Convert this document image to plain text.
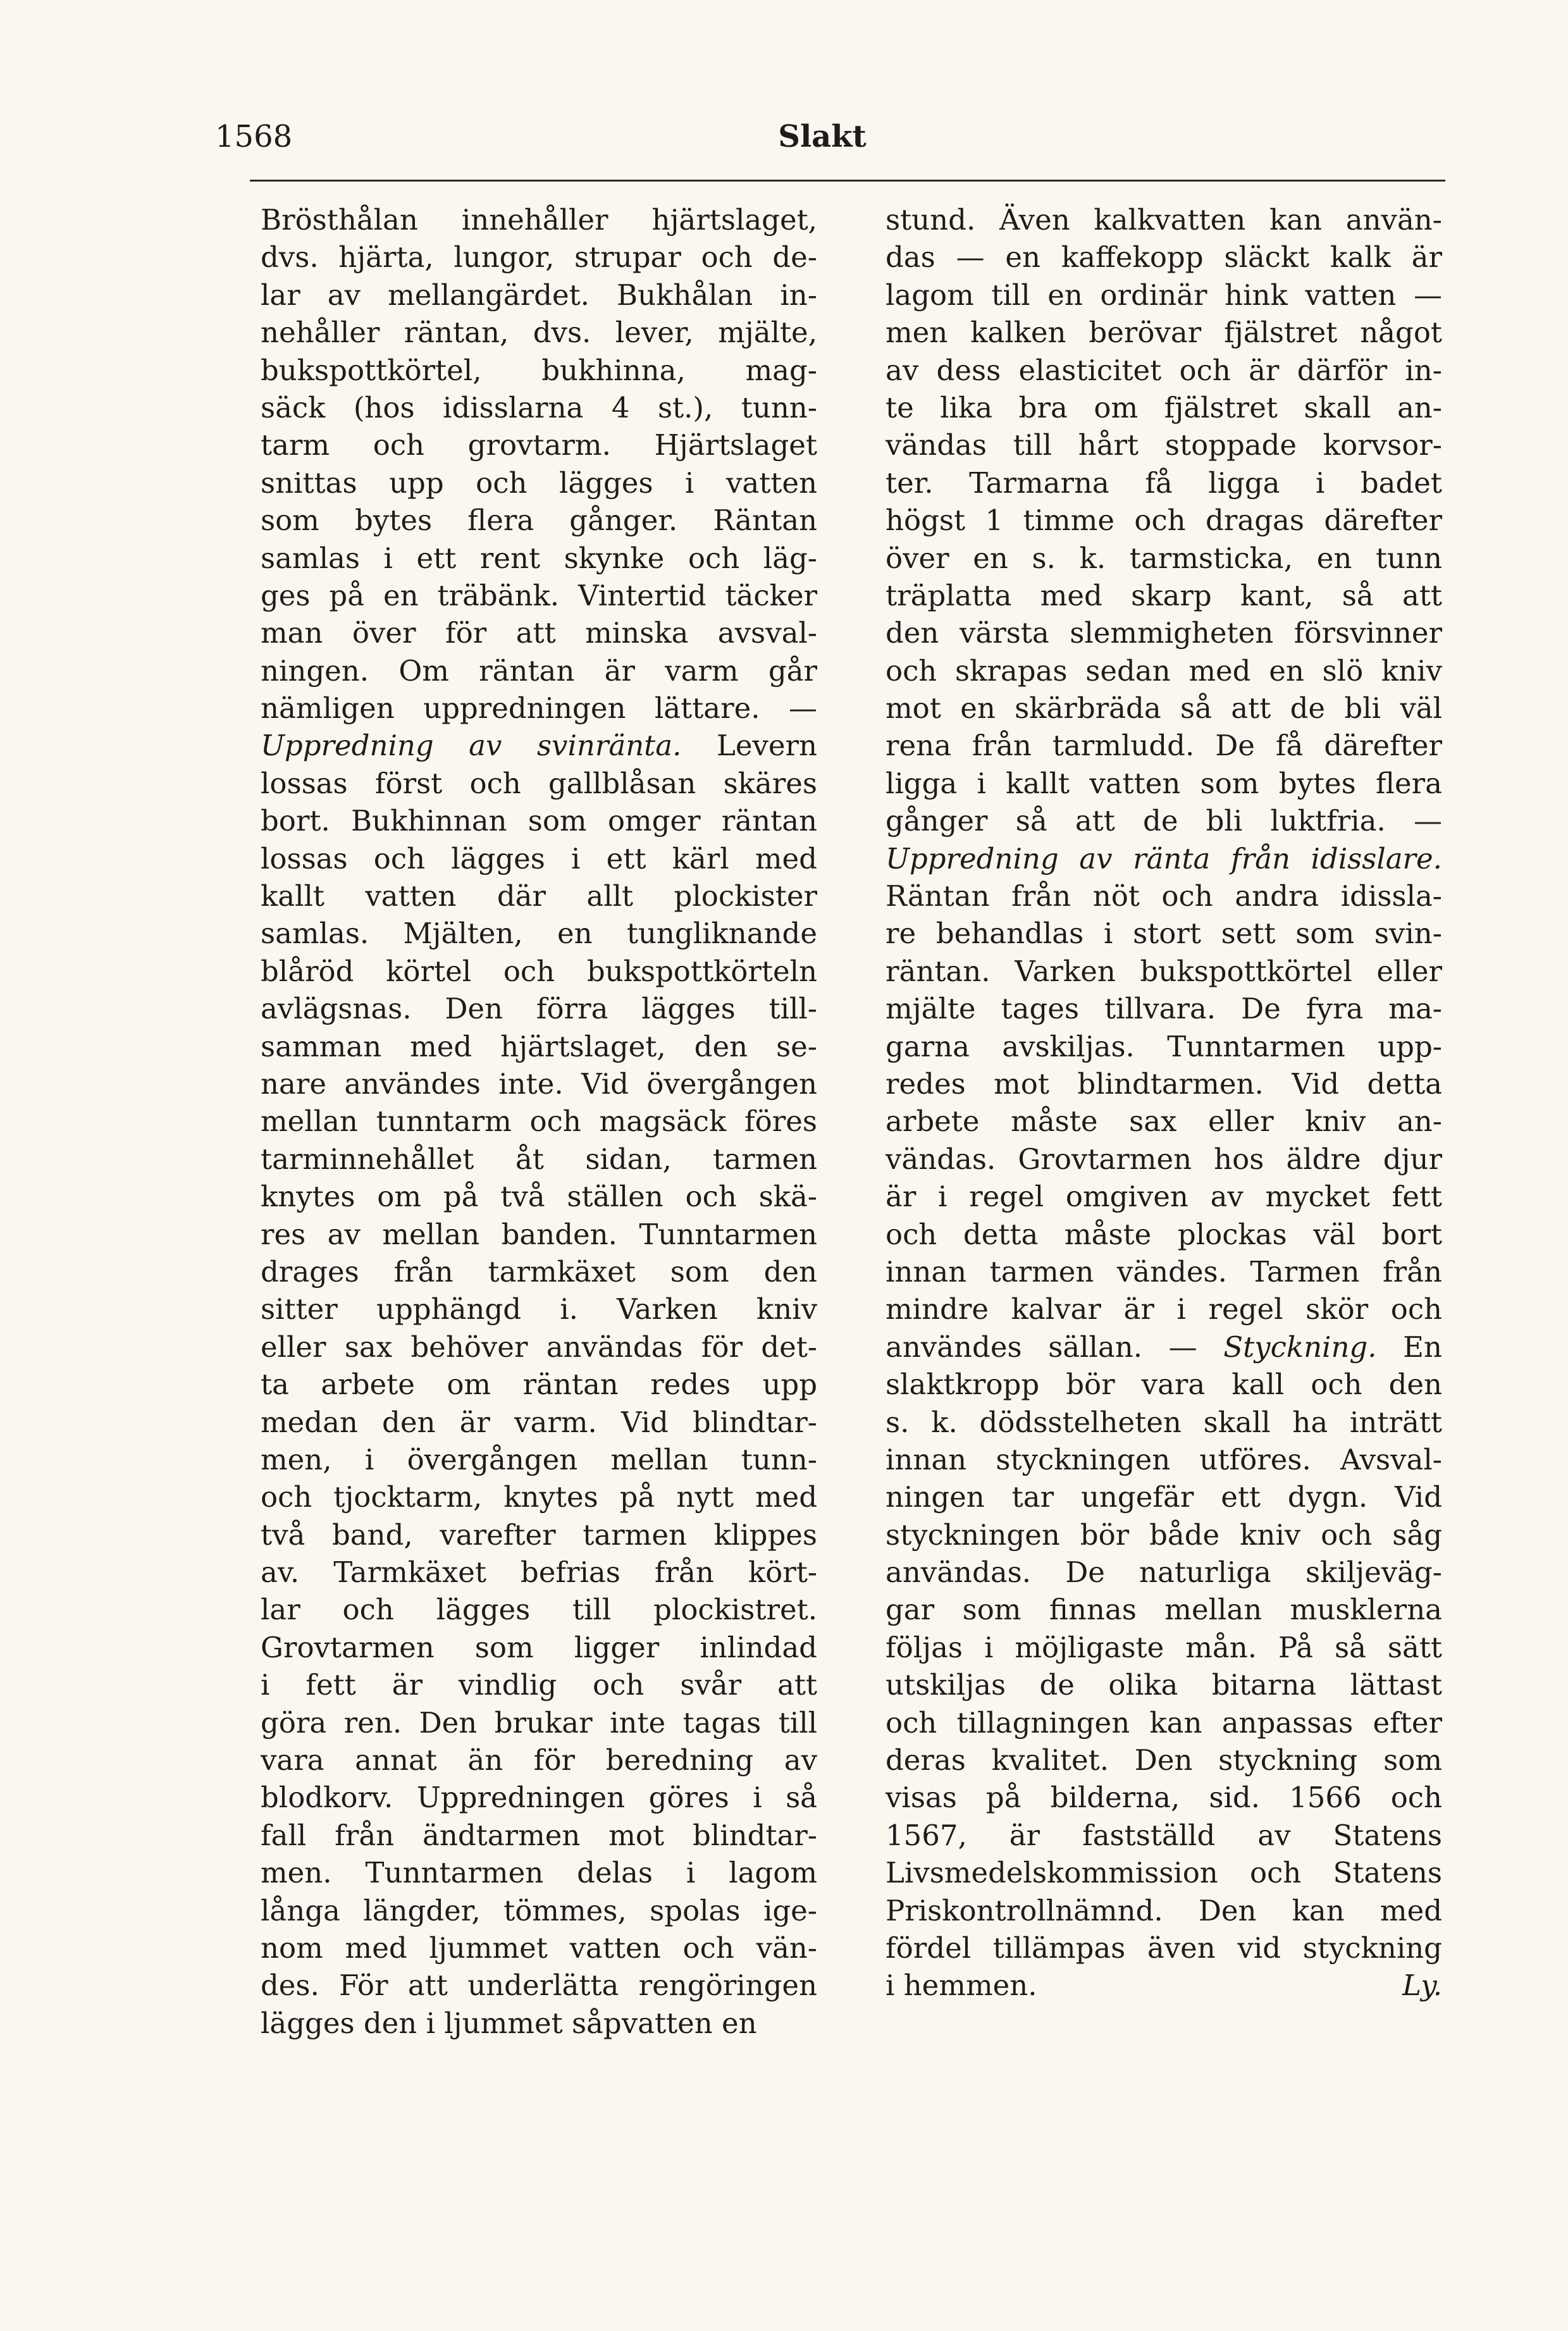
1568	Slakt
Brösthålan innehåller hjärtslaget,
dvs. hjärta, lungor, strupar och de-
lar av mellangärdet. Bukhålan in-
nehåller räntan, dvs. lever, mjälte,
bukspottkörtel, bukhinna, mag-
säck (hos idisslarna 4 st.), tunn-
tarm och grovtarm. Hjärtslaget
snittas upp och lägges i vatten
som bytes flera gånger. Räntan
samlas i ett rent skynke och läg-
ges på en träbänk. Vintertid täcker
man över för att minska avsval-
ningen. Om räntan är varm går
nämligen uppredningen lättare. —
Uppredning av svinränta. Levern
lossas först och gallblåsan skäres
bort. Bukhinnan som omger räntan
lossas och lägges i ett kärl med
kallt vatten där allt plockister
samlas. Mjälten, en tungliknande
blåröd körtel och bukspottkörteln
avlägsnas. Den förra lägges till-
samman med hjärtslaget, den se-
nare användes inte. Vid övergången
mellan tunntarm och magsäck föres
tarminnehållet åt sidan, tarmen
knytes om på två ställen och skä-
res av mellan banden. Tunntarmen
drages från tarmkäxet som den
sitter upphängd i. Varken kniv
eller sax behöver användas för det-
ta arbete om räntan redes upp
medan den är varm. Vid blindtar-
men, i övergången mellan tunn-
och tjocktarm, knytes på nytt med
två band, varefter tarmen klippes
av. Tarmkäxet befrias från kört-
lar och lägges till plockistret.
Grovtarmen som ligger inlindad
i fett är vindlig och svår att
göra ren. Den brukar inte tagas till
vara annat än för beredning av
blodkorv. Uppredningen göres i så
fall från ändtarmen mot blindtar-
men. Tunntarmen delas i lagom
långa längder, tömmes, spolas ige-
nom med ljummet vatten och vän-
des. För att underlätta rengöringen
lägges den i ljummet såpvatten en
stund. Även kalkvatten kan använ-
das — en kaffekopp släckt kalk är
lagom till en ordinär hink vatten —
men kalken berövar fjälstret något
av dess elasticitet och är därför in-
te lika bra om fjälstret skall an-
vändas till hårt stoppade korvsor-
ter. Tarmarna få ligga i badet
högst 1 timme och dragas därefter
över en s. k. tarmsticka, en tunn
träplatta med skarp kant, så att
den värsta slemmigheten försvinner
och skrapas sedan med en slö kniv
mot en skärbräda så att de bli väl
rena från tarmludd. De få därefter
ligga i kallt vatten som bytes flera
gånger så att de bli luktfria. —
Uppredning av ränta från idisslare.
Räntan från nöt och andra idissla-
re behandlas i stort sett som svin-
räntan. Varken bukspottkörtel eller
mjälte tages tillvara. De fyra ma-
garna avskiljas. Tunntarmen upp-
redes mot blindtarmen. Vid detta
arbete måste sax eller kniv an-
vändas. Grovtarmen hos äldre djur
är i regel omgiven av mycket fett
och detta måste plockas väl bort
innan tarmen vändes. Tarmen från
mindre kalvar är i regel skör och
användes sällan. — Styckning. En
slaktkropp bör vara kall och den
s. k. dödsstelheten skall ha inträtt
innan styckningen utföres. Avsval-
ningen tar ungefär ett dygn. Vid
styckningen bör både kniv och såg
användas. De naturliga skiljeväg-
gar som finnas mellan musklerna
följas i möjligaste mån. På så sätt
utskiljas de olika bitarna lättast
och tillagningen kan anpassas efter
deras kvalitet. Den styckning som
visas på bilderna, sid. 1566 och
1567, är fastställd av Statens
Livsmedelskommission och Statens
Priskontrollnämnd. Den kan med
fördel tillämpas även vid styckning
i hemmen.	Ly.
